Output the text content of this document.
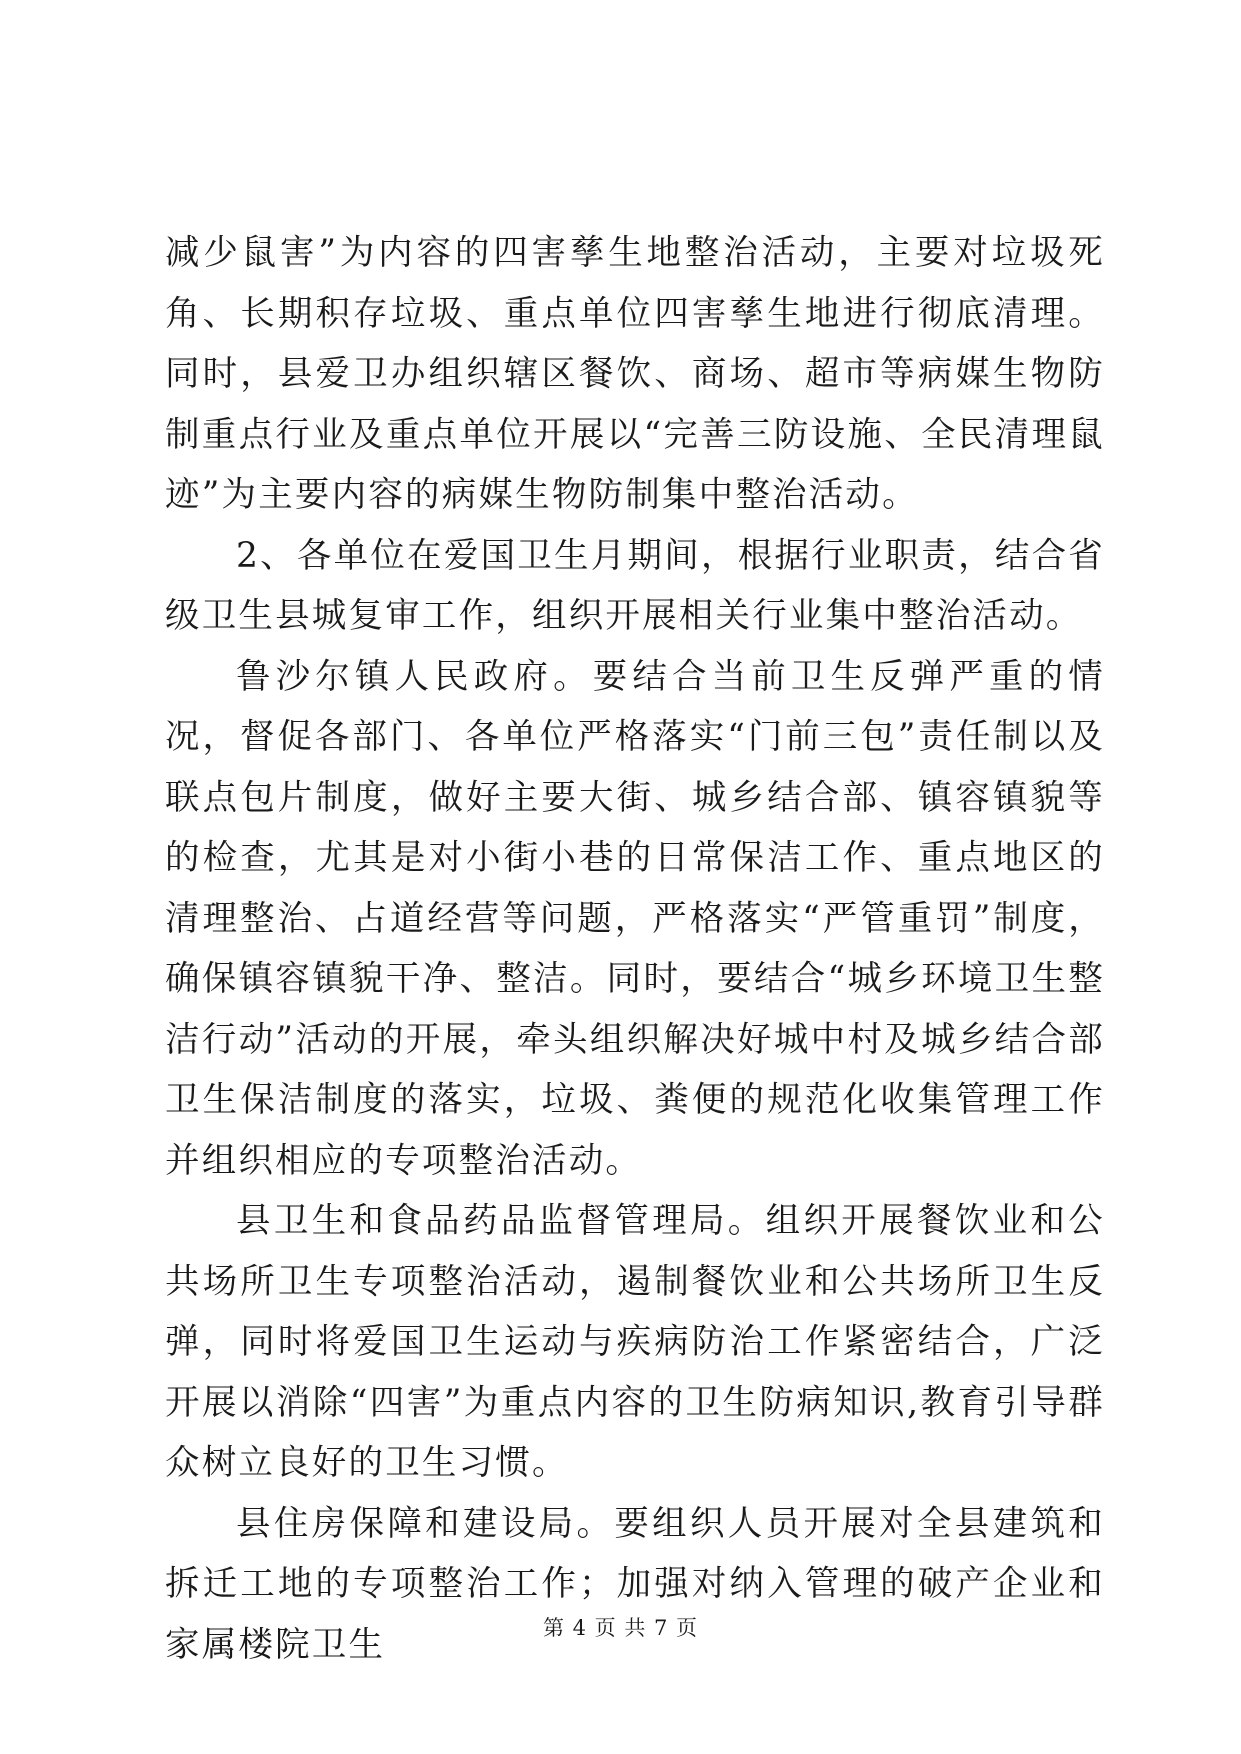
减少鼠害”为内容的四害孳生地整治活动，主要对垃圾死角、长期积存垃圾、重点单位四害孳生地进行彻底清理。同时，县爱卫办组织辖区餐饮、商场、超市等病媒生物防制重点行业及重点单位开展以“完善三防设施、全民清理鼠迹”为主要内容的病媒生物防制集中整治活动。

2、各单位在爱国卫生月期间，根据行业职责，结合省级卫生县城复审工作，组织开展相关行业集中整治活动。

鲁沙尔镇人民政府。要结合当前卫生反弹严重的情况，督促各部门、各单位严格落实“门前三包”责任制以及联点包片制度，做好主要大街、城乡结合部、镇容镇貌等的检查，尤其是对小街小巷的日常保洁工作、重点地区的清理整治、占道经营等问题，严格落实“严管重罚”制度，确保镇容镇貌干净、整洁。同时，要结合“城乡环境卫生整洁行动”活动的开展，牵头组织解决好城中村及城乡结合部卫生保洁制度的落实，垃圾、粪便的规范化收集管理工作并组织相应的专项整治活动。

县卫生和食品药品监督管理局。组织开展餐饮业和公共场所卫生专项整治活动，遏制餐饮业和公共场所卫生反弹，同时将爱国卫生运动与疾病防治工作紧密结合，广泛开展以消除“四害”为重点内容的卫生防病知识,教育引导群众树立良好的卫生习惯。

县住房保障和建设局。要组织人员开展对全县建筑和拆迁工地的专项整治工作；加强对纳入管理的破产企业和家属楼院卫生	第 4 页 共 7 页
